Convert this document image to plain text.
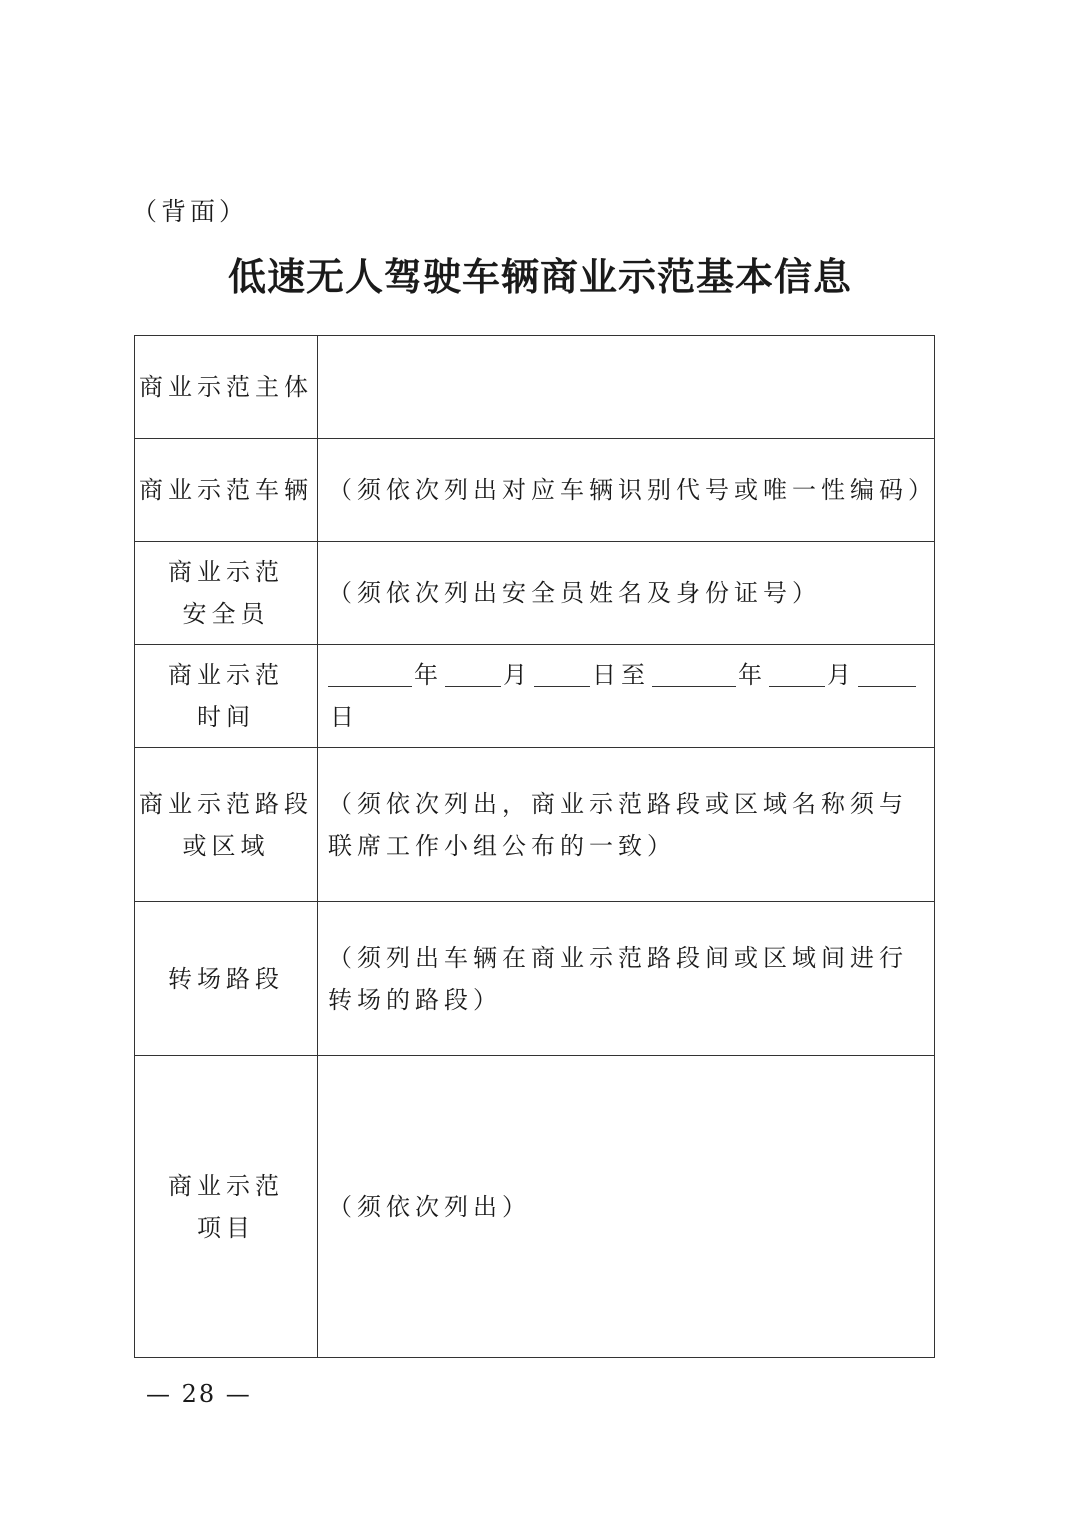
（背面）
低速无人驾驶车辆商业示范基本信息
商业示范主体	
商业示范车辆	（须依次列出对应车辆识别代号或唯一性编码）
商业示范安全员	（须依次列出安全员姓名及身份证号）
商业示范时间	年 月 日至 年 月日
商业示范路段或区域	（须依次列出，商业示范路段或区域名称须与联席工作小组公布的一致）
转场路段	（须列出车辆在商业示范路段间或区域间进行转场的路段）
商业示范项目	（须依次列出）
— 28 —
